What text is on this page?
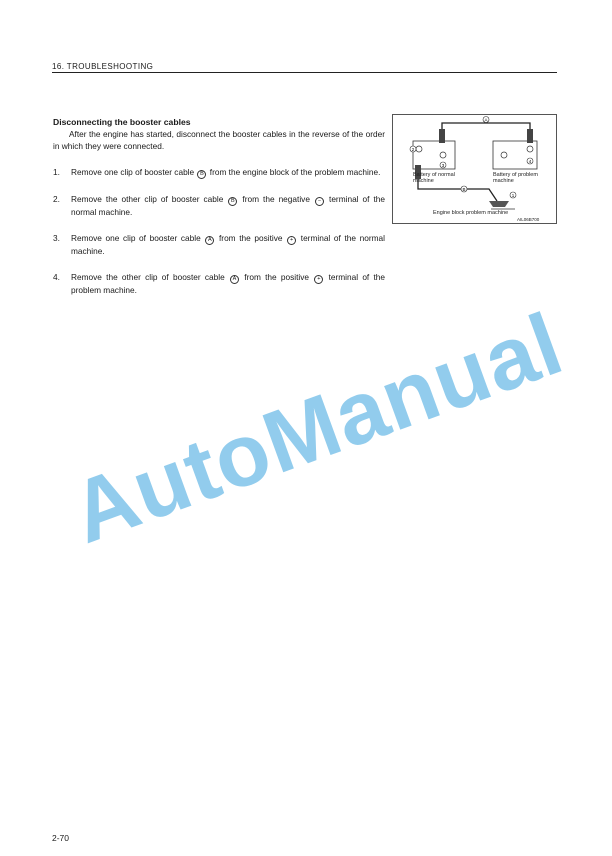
16. TROUBLESHOOTING
Disconnecting the booster cables
After the engine has started, disconnect the booster cables in the reverse of the order in which they were connected.
1. Remove one clip of booster cable B from the engine block of the problem machine.
2. Remove the other clip of booster cable B from the negative − terminal of the normal machine.
3. Remove one clip of booster cable A from the positive + terminal of the normal machine.
4. Remove the other clip of booster cable A from the positive + terminal of the problem machine.
A
B
1
2
3
4
Battery of normal machine
Battery of problem machine
Engine block problem machine
AIL06B700
AutoManual
2-70
